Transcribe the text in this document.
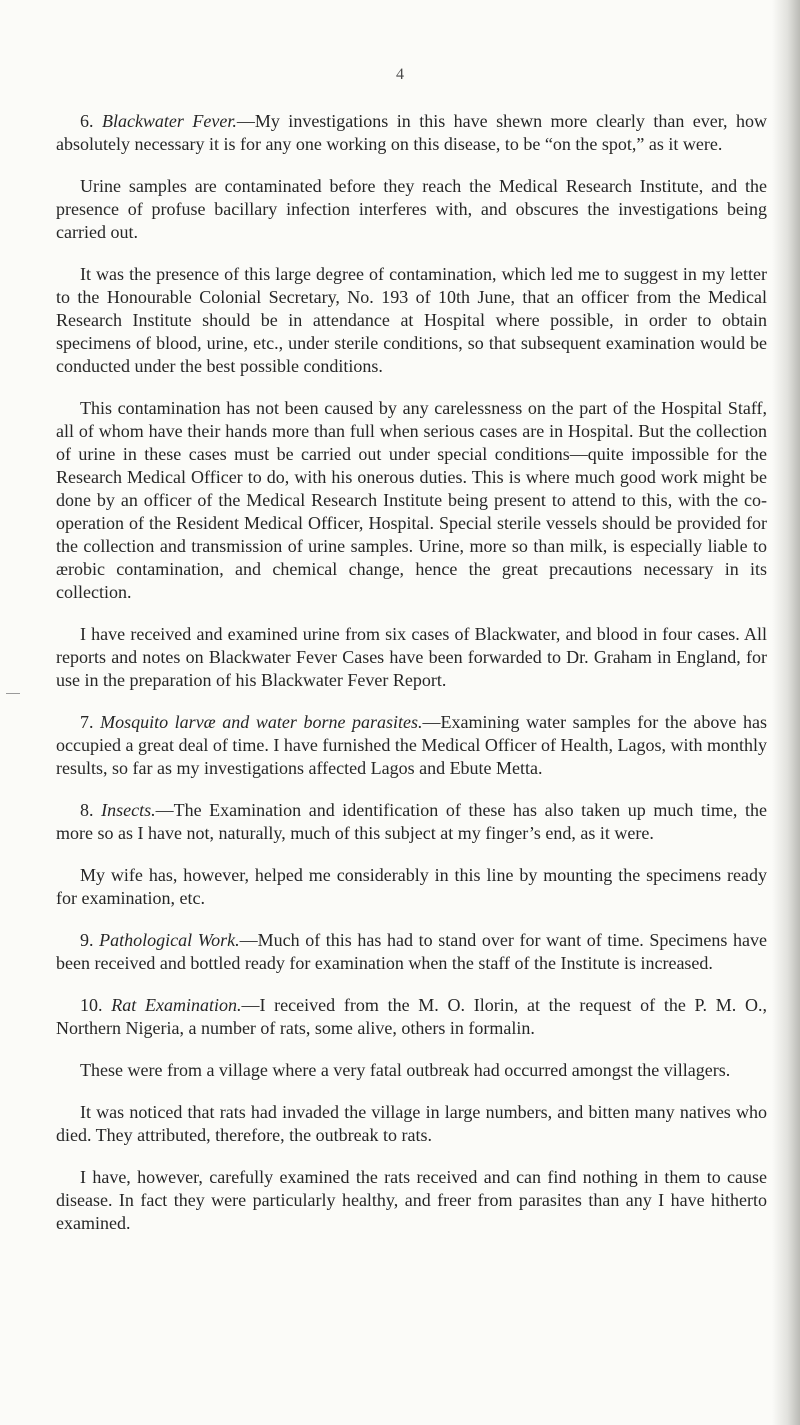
4

6. Blackwater Fever.—My investigations in this have shewn more clearly than ever, how absolutely necessary it is for any one working on this disease, to be “on the spot,” as it were.

Urine samples are contaminated before they reach the Medical Research Institute, and the presence of profuse bacillary infection interferes with, and obscures the investigations being carried out.

It was the presence of this large degree of contamination, which led me to suggest in my letter to the Honourable Colonial Secretary, No. 193 of 10th June, that an officer from the Medical Research Institute should be in attendance at Hospital where possible, in order to obtain specimens of blood, urine, etc., under sterile conditions, so that subsequent examination would be conducted under the best possible conditions.

This contamination has not been caused by any carelessness on the part of the Hospital Staff, all of whom have their hands more than full when serious cases are in Hospital. But the collection of urine in these cases must be carried out under special conditions—quite impossible for the Research Medical Officer to do, with his onerous duties. This is where much good work might be done by an officer of the Medical Research Institute being present to attend to this, with the co-operation of the Resident Medical Officer, Hospital. Special sterile vessels should be provided for the collection and transmission of urine samples. Urine, more so than milk, is especially liable to ærobic contamination, and chemical change, hence the great precautions necessary in its collection.

I have received and examined urine from six cases of Blackwater, and blood in four cases. All reports and notes on Blackwater Fever Cases have been forwarded to Dr. Graham in England, for use in the preparation of his Blackwater Fever Report.

7. Mosquito larvæ and water borne parasites.—Examining water samples for the above has occupied a great deal of time. I have furnished the Medical Officer of Health, Lagos, with monthly results, so far as my investigations affected Lagos and Ebute Metta.

8. Insects.—The Examination and identification of these has also taken up much time, the more so as I have not, naturally, much of this subject at my finger’s end, as it were.

My wife has, however, helped me considerably in this line by mounting the specimens ready for examination, etc.

9. Pathological Work.—Much of this has had to stand over for want of time. Specimens have been received and bottled ready for examination when the staff of the Institute is increased.

10. Rat Examination.—I received from the M. O. Ilorin, at the request of the P. M. O., Northern Nigeria, a number of rats, some alive, others in formalin.

These were from a village where a very fatal outbreak had occurred amongst the villagers.

It was noticed that rats had invaded the village in large numbers, and bitten many natives who died. They attributed, therefore, the outbreak to rats.

I have, however, carefully examined the rats received and can find nothing in them to cause disease. In fact they were particularly healthy, and freer from parasites than any I have hitherto examined.
